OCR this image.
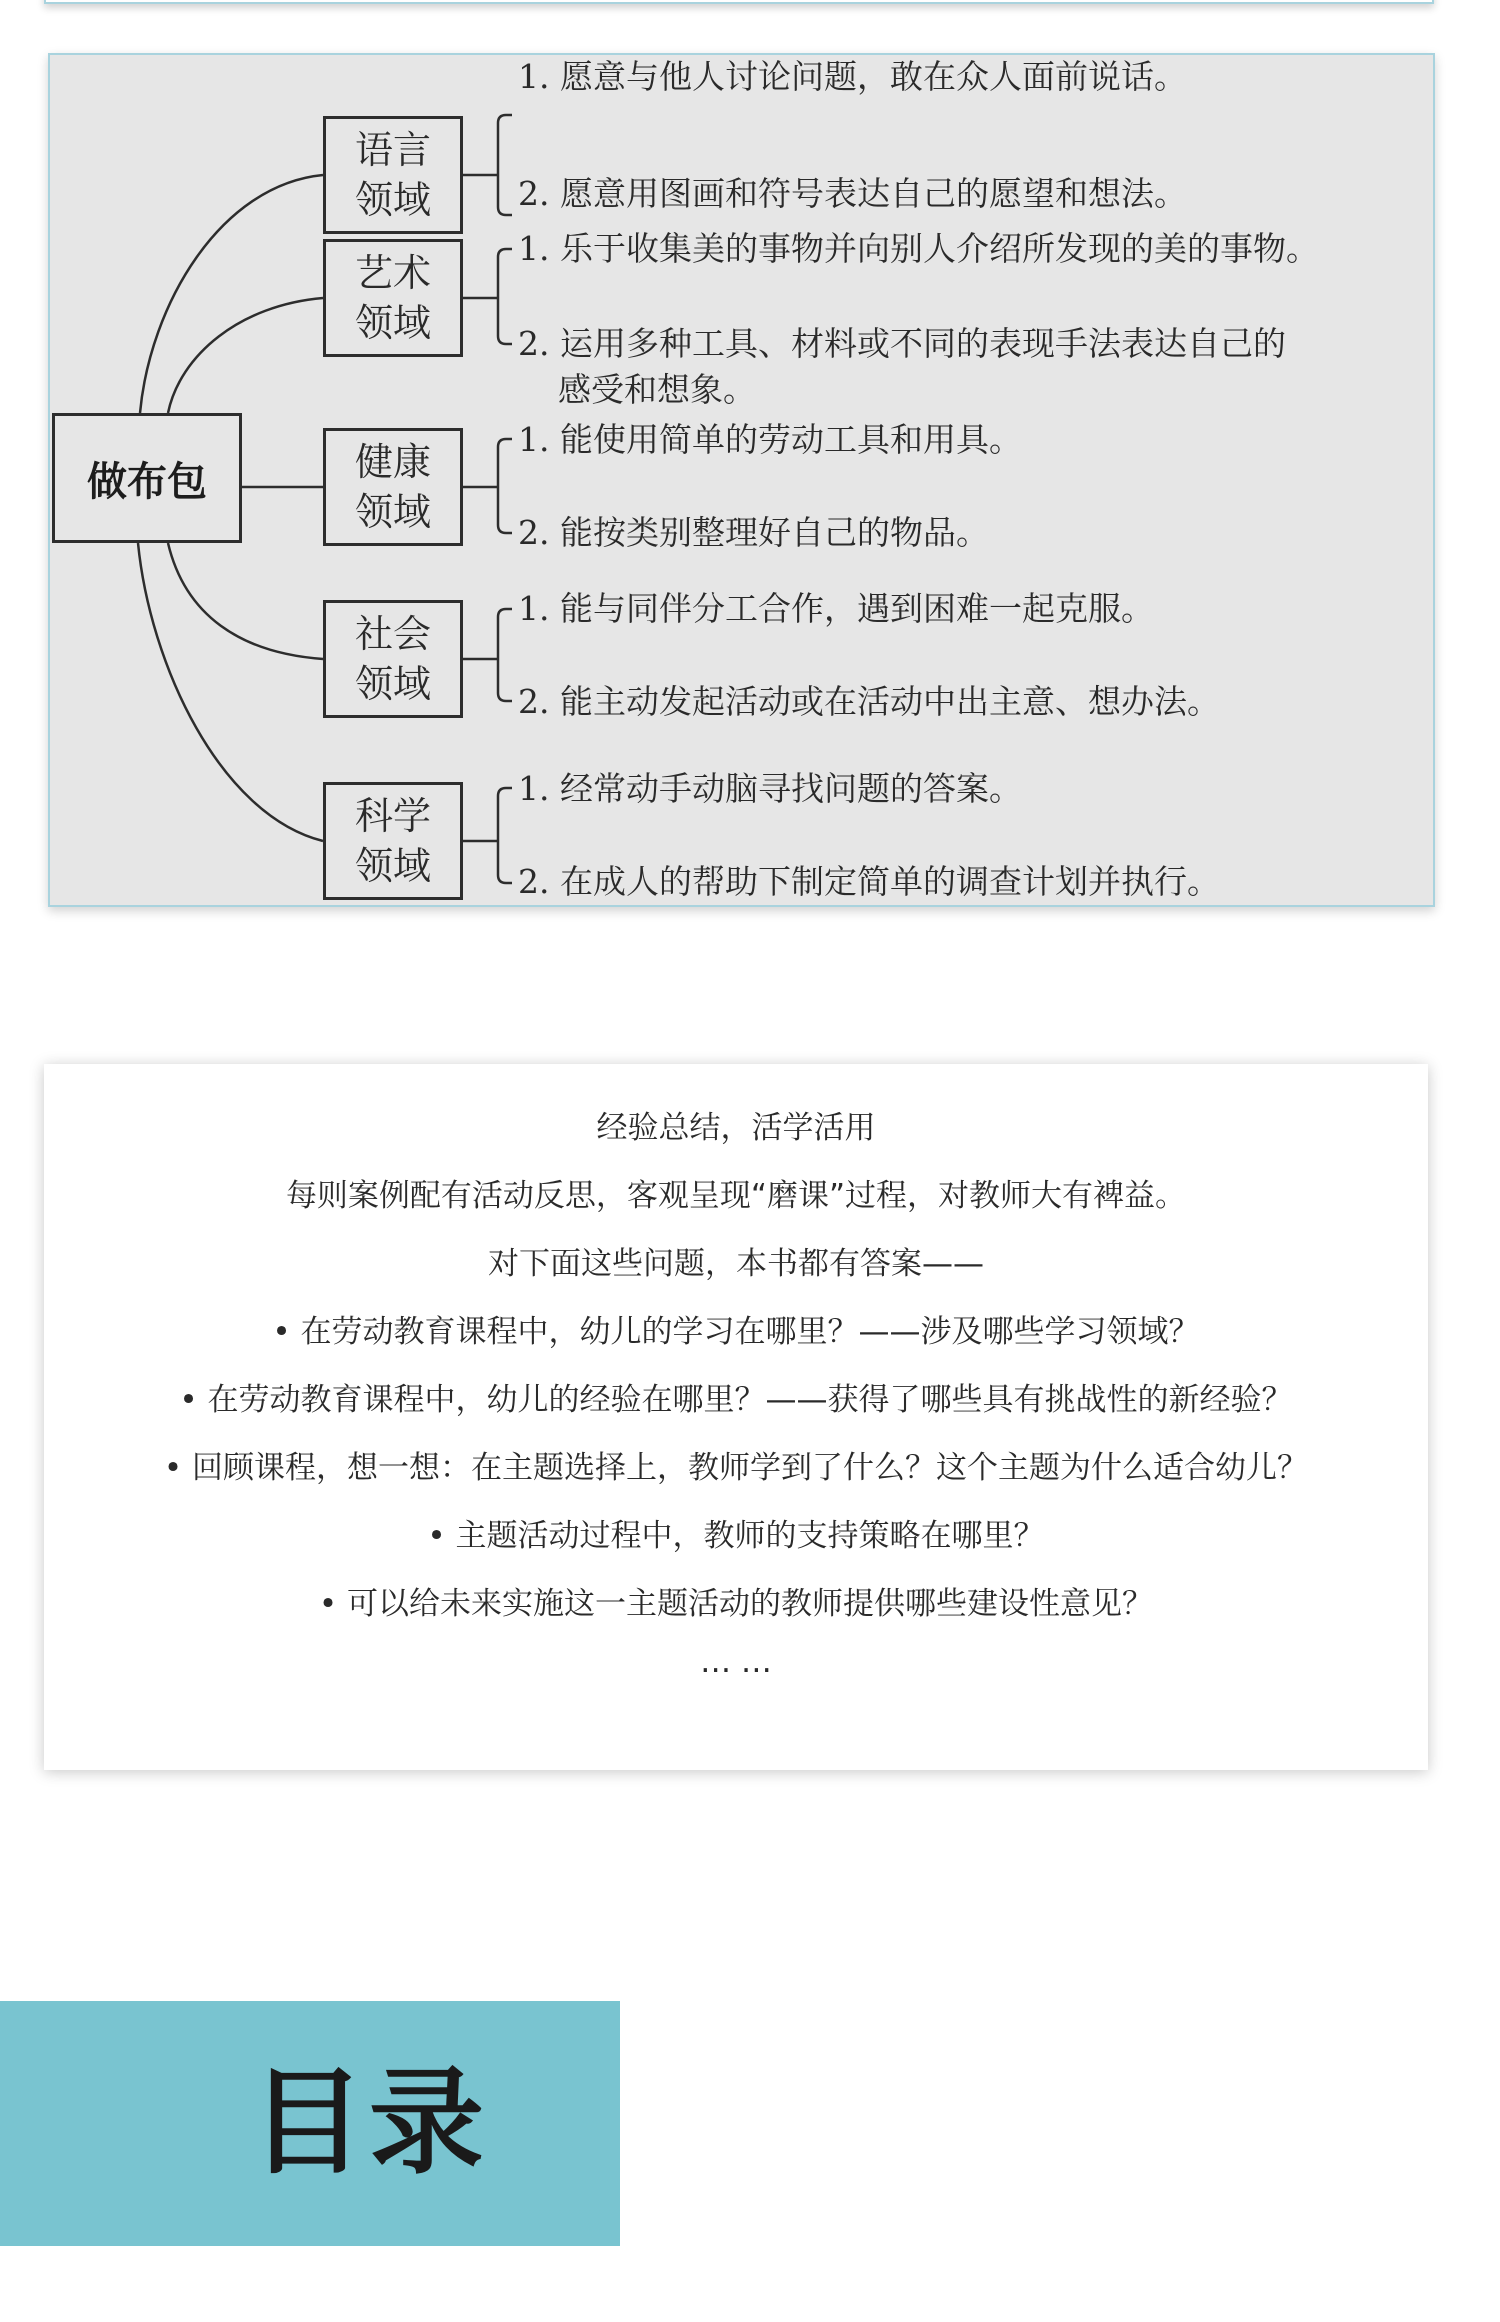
做布包
语言
领域
艺术
领域
健康
领域
社会
领域
科学
领域
1. 愿意与他人讨论问题，敢在众人面前说话。
2. 愿意用图画和符号表达自己的愿望和想法。
1. 乐于收集美的事物并向别人介绍所发现的美的事物。
2. 运用多种工具、材料或不同的表现手法表达自己的
感受和想象。
1. 能使用简单的劳动工具和用具。
2. 能按类别整理好自己的物品。
1. 能与同伴分工合作，遇到困难一起克服。
2. 能主动发起活动或在活动中出主意、想办法。
1. 经常动手动脑寻找问题的答案。
2. 在成人的帮助下制定简单的调查计划并执行。
经验总结，活学活用
每则案例配有活动反思，客观呈现“磨课”过程，对教师大有裨益。
对下面这些问题，本书都有答案——
• 在劳动教育课程中，幼儿的学习在哪里？——涉及哪些学习领域？
• 在劳动教育课程中，幼儿的经验在哪里？——获得了哪些具有挑战性的新经验？
• 回顾课程，想一想：在主题选择上，教师学到了什么？这个主题为什么适合幼儿？
• 主题活动过程中，教师的支持策略在哪里？
• 可以给未来实施这一主题活动的教师提供哪些建设性意见？
… …
目录
